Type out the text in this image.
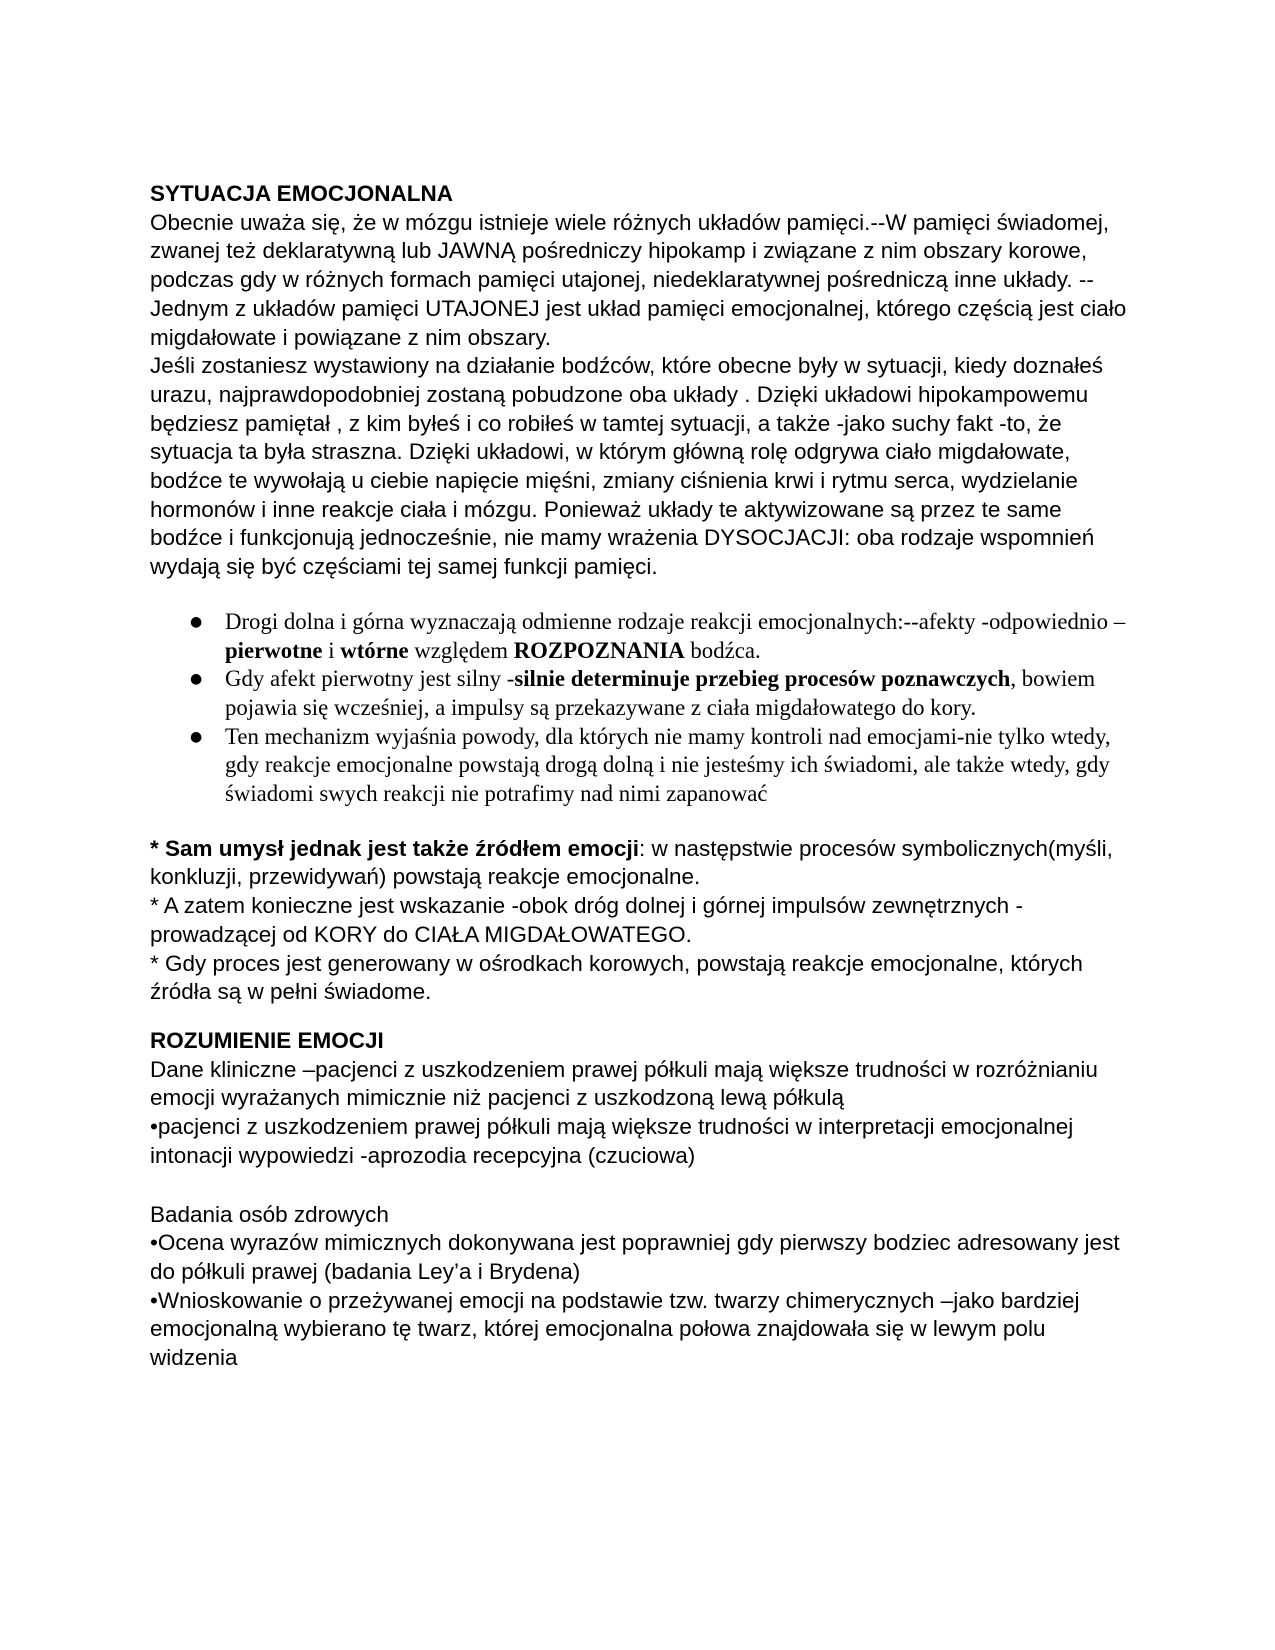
SYTUACJA EMOCJONALNA

Obecnie uważa się, że w mózgu istnieje wiele różnych układów pamięci.--W pamięci świadomej, zwanej też deklaratywną lub JAWNĄ pośredniczy hipokamp i związane z nim obszary korowe, podczas gdy w różnych formach pamięci utajonej, niedeklaratywnej pośredniczą inne układy. --Jednym z układów pamięci UTAJONEJ jest układ pamięci emocjonalnej, którego częścią jest ciało migdałowate i powiązane z nim obszary.

Jeśli zostaniesz wystawiony na działanie bodźców, które obecne były w sytuacji, kiedy doznałeś urazu, najprawdopodobniej zostaną pobudzone oba układy . Dzięki układowi hipokampowemu będziesz pamiętał , z kim byłeś i co robiłeś w tamtej sytuacji, a także -jako suchy fakt -to, że sytuacja ta była straszna. Dzięki układowi, w którym główną rolę odgrywa ciało migdałowate, bodźce te wywołają u ciebie napięcie mięśni, zmiany ciśnienia krwi i rytmu serca, wydzielanie hormonów i inne reakcje ciała i mózgu. Ponieważ układy te aktywizowane są przez te same bodźce i funkcjonują jednocześnie, nie mamy wrażenia DYSOCJACJI: oba rodzaje wspomnień wydają się być częściami tej samej funkcji pamięci.

● Drogi dolna i górna wyznaczają odmienne rodzaje reakcji emocjonalnych:--afekty -odpowiednio –pierwotne i wtórne względem ROZPOZNANIA bodźca.
● Gdy afekt pierwotny jest silny -silnie determinuje przebieg procesów poznawczych, bowiem pojawia się wcześniej, a impulsy są przekazywane z ciała migdałowatego do kory.
● Ten mechanizm wyjaśnia powody, dla których nie mamy kontroli nad emocjami-nie tylko wtedy, gdy reakcje emocjonalne powstają drogą dolną i nie jesteśmy ich świadomi, ale także wtedy, gdy świadomi swych reakcji nie potrafimy nad nimi zapanować

* Sam umysł jednak jest także źródłem emocji: w następstwie procesów symbolicznych(myśli, konkluzji, przewidywań) powstają reakcje emocjonalne.

* A zatem konieczne jest wskazanie -obok dróg dolnej i górnej impulsów zewnętrznych -prowadzącej od KORY do CIAŁA MIGDAŁOWATEGO.

* Gdy proces jest generowany w ośrodkach korowych, powstają reakcje emocjonalne, których źródła są w pełni świadome.

ROZUMIENIE EMOCJI

Dane kliniczne –pacjenci z uszkodzeniem prawej półkuli mają większe trudności w rozróżnianiu emocji wyrażanych mimicznie niż pacjenci z uszkodzoną lewą półkulą

•pacjenci z uszkodzeniem prawej półkuli mają większe trudności w interpretacji emocjonalnej intonacji wypowiedzi -aprozodia recepcyjna (czuciowa)

Badania osób zdrowych

•Ocena wyrazów mimicznych dokonywana jest poprawniej gdy pierwszy bodziec adresowany jest do półkuli prawej (badania Ley’a i Brydena)

•Wnioskowanie o przeżywanej emocji na podstawie tzw. twarzy chimerycznych –jako bardziej emocjonalną wybierano tę twarz, której emocjonalna połowa znajdowała się w lewym polu widzenia
